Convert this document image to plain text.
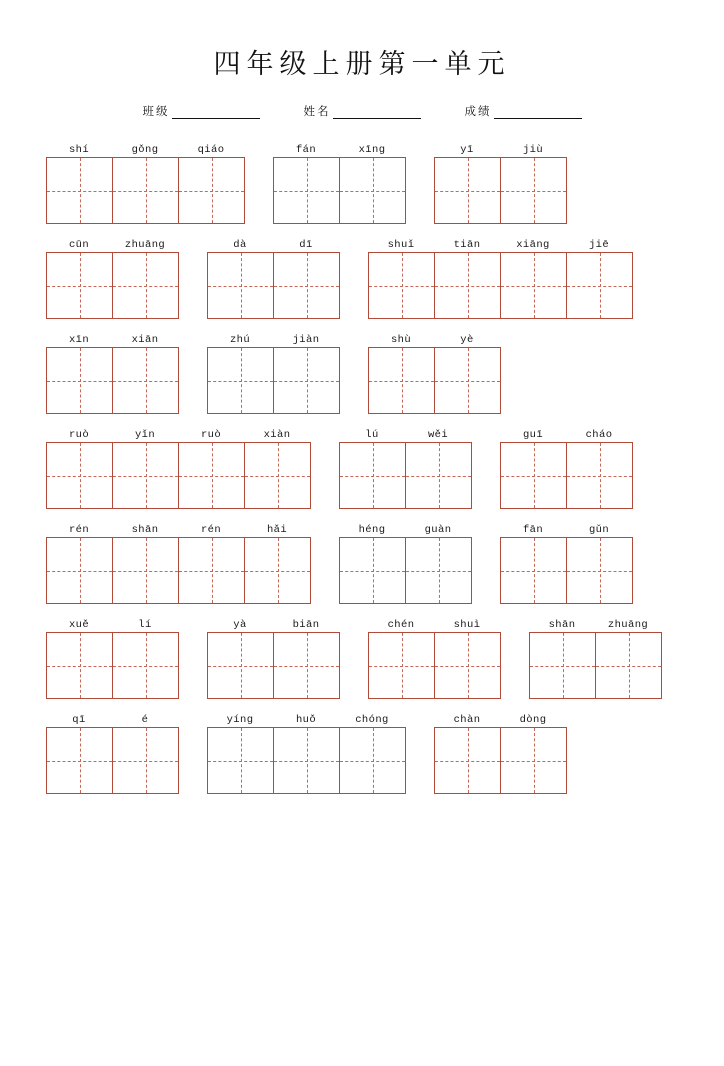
四年级上册第一单元
班级	姓名	成绩
shí	gǒng	qiáo	fán	xīng	yī	jiù
cūn	zhuāng	dà	dī	shuǐ	tiān	xiāng	jiē
xīn	xiān	zhú	jiàn	shù	yè
ruò	yǐn	ruò	xiàn	lú	wěi	guī	cháo
rén	shān	rén	hǎi	héng	guàn	fān	gǔn
xuě	lí	yà	biān	chén	shuì	shān	zhuāng
qī	é	yíng	huǒ	chóng	chàn	dòng
